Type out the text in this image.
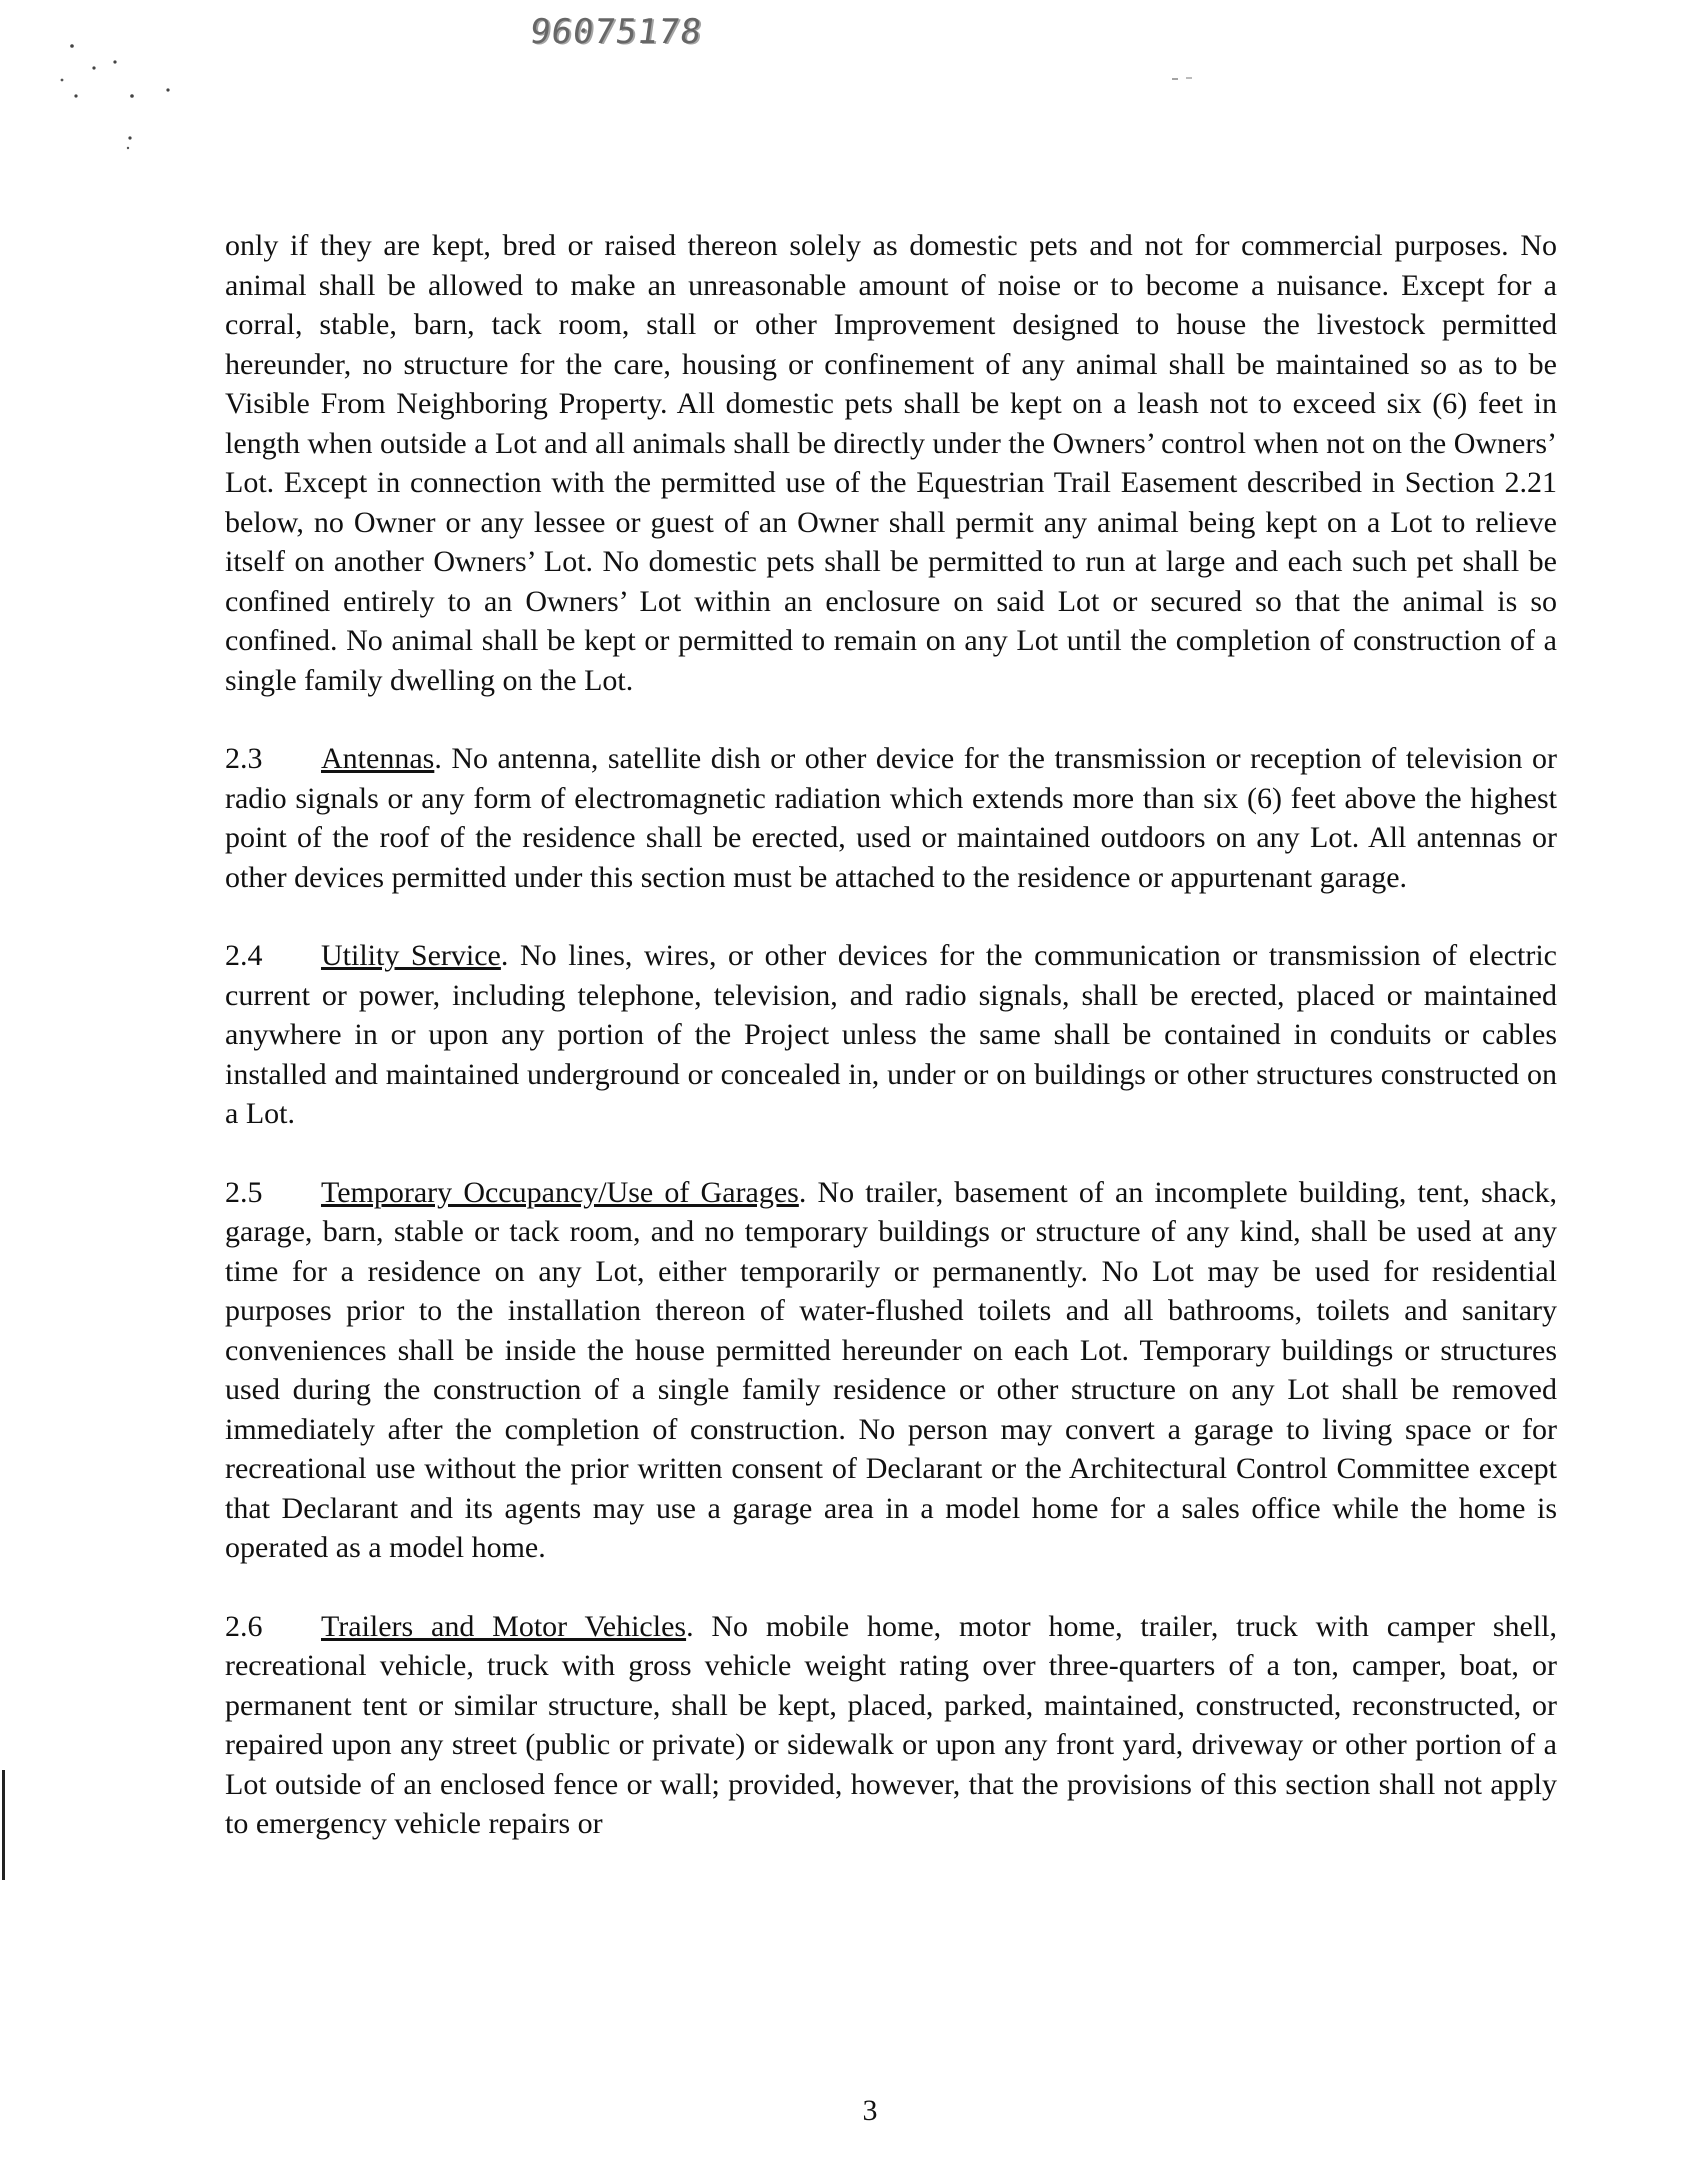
96075178

only if they are kept, bred or raised thereon solely as domestic pets and not for commercial purposes. No animal shall be allowed to make an unreasonable amount of noise or to become a nuisance. Except for a corral, stable, barn, tack room, stall or other Improvement designed to house the livestock permitted hereunder, no structure for the care, housing or confinement of any animal shall be maintained so as to be Visible From Neighboring Property. All domestic pets shall be kept on a leash not to exceed six (6) feet in length when outside a Lot and all animals shall be directly under the Owners’ control when not on the Owners’ Lot. Except in connection with the permitted use of the Equestrian Trail Easement described in Section 2.21 below, no Owner or any lessee or guest of an Owner shall permit any animal being kept on a Lot to relieve itself on another Owners’ Lot. No domestic pets shall be permitted to run at large and each such pet shall be confined entirely to an Owners’ Lot within an enclosure on said Lot or secured so that the animal is so confined. No animal shall be kept or permitted to remain on any Lot until the completion of construction of a single family dwelling on the Lot.

2.3 Antennas. No antenna, satellite dish or other device for the transmission or reception of television or radio signals or any form of electromagnetic radiation which extends more than six (6) feet above the highest point of the roof of the residence shall be erected, used or maintained outdoors on any Lot. All antennas or other devices permitted under this section must be attached to the residence or appurtenant garage.

2.4 Utility Service. No lines, wires, or other devices for the communication or transmission of electric current or power, including telephone, television, and radio signals, shall be erected, placed or maintained anywhere in or upon any portion of the Project unless the same shall be contained in conduits or cables installed and maintained underground or concealed in, under or on buildings or other structures constructed on a Lot.

2.5 Temporary Occupancy/Use of Garages. No trailer, basement of an incomplete building, tent, shack, garage, barn, stable or tack room, and no temporary buildings or structure of any kind, shall be used at any time for a residence on any Lot, either temporarily or permanently. No Lot may be used for residential purposes prior to the installation thereon of water-flushed toilets and all bathrooms, toilets and sanitary conveniences shall be inside the house permitted hereunder on each Lot. Temporary buildings or structures used during the construction of a single family residence or other structure on any Lot shall be removed immediately after the completion of construction. No person may convert a garage to living space or for recreational use without the prior written consent of Declarant or the Architectural Control Committee except that Declarant and its agents may use a garage area in a model home for a sales office while the home is operated as a model home.

2.6 Trailers and Motor Vehicles. No mobile home, motor home, trailer, truck with camper shell, recreational vehicle, truck with gross vehicle weight rating over three-quarters of a ton, camper, boat, or permanent tent or similar structure, shall be kept, placed, parked, maintained, constructed, reconstructed, or repaired upon any street (public or private) or sidewalk or upon any front yard, driveway or other portion of a Lot outside of an enclosed fence or wall; provided, however, that the provisions of this section shall not apply to emergency vehicle repairs or

3
